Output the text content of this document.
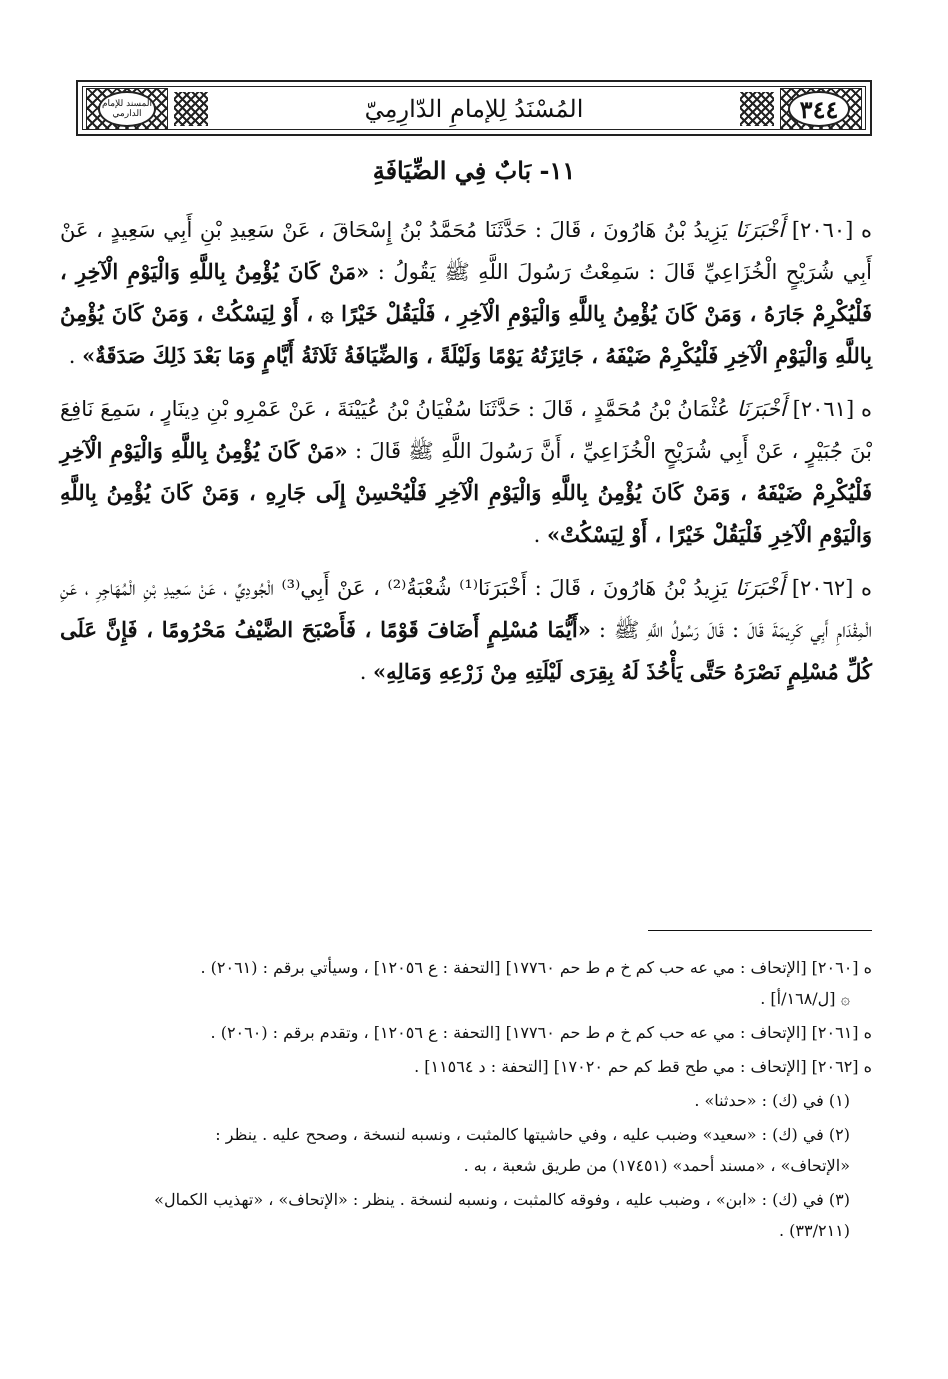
المسند للإمام الدارمي	٣٤٤
المُسْنَدُ لِلإمامِ الدّارِمِيّ
١١- بَابٌ فِي الضِّيَافَةِ

ه [٢٠٦٠] أَخْبَرَنَا يَزِيدُ بْنُ هَارُونَ ، قَالَ : حَدَّثَنَا مُحَمَّدُ بْنُ إِسْحَاقَ ، عَنْ سَعِيدِ بْنِ أَبِي سَعِيدٍ ، عَنْ أَبِي شُرَيْحٍ الْخُزَاعِيِّ قَالَ : سَمِعْتُ رَسُولَ اللَّهِ ﷺ يَقُولُ : «مَنْ كَانَ يُؤْمِنُ بِاللَّهِ وَالْيَوْمِ الْآخِرِ ، فَلْيُكْرِمْ جَارَهُ ، وَمَنْ كَانَ يُؤْمِنُ بِاللَّهِ وَالْيَوْمِ الْآخِرِ ، فَلْيَقُلْ خَيْرًا ۞ ، أَوْ لِيَسْكُتْ ، وَمَنْ كَانَ يُؤْمِنُ بِاللَّهِ وَالْيَوْمِ الْآخِرِ فَلْيُكْرِمْ ضَيْفَهُ ، جَائِزَتُهُ يَوْمًا وَلَيْلَةً ، وَالضِّيَافَةُ ثَلَاثَةُ أَيَّامٍ وَمَا بَعْدَ ذَلِكَ صَدَقَةٌ» .

ه [٢٠٦١] أَخْبَرَنَا عُثْمَانُ بْنُ مُحَمَّدٍ ، قَالَ : حَدَّثَنَا سُفْيَانُ بْنُ عُيَيْنَةَ ، عَنْ عَمْرِو بْنِ دِينَارٍ ، سَمِعَ نَافِعَ بْنَ جُبَيْرٍ ، عَنْ أَبِي شُرَيْحٍ الْخُزَاعِيِّ ، أَنَّ رَسُولَ اللَّهِ ﷺ قَالَ : «مَنْ كَانَ يُؤْمِنُ بِاللَّهِ وَالْيَوْمِ الْآخِرِ فَلْيُكْرِمْ ضَيْفَهُ ، وَمَنْ كَانَ يُؤْمِنُ بِاللَّهِ وَالْيَوْمِ الْآخِرِ فَلْيُحْسِنْ إِلَى جَارِهِ ، وَمَنْ كَانَ يُؤْمِنُ بِاللَّهِ وَالْيَوْمِ الْآخِرِ فَلْيَقُلْ خَيْرًا ، أَوْ لِيَسْكُتْ» .

ه [٢٠٦٢] أَخْبَرَنَا يَزِيدُ بْنُ هَارُونَ ، قَالَ : أَخْبَرَنَا⁽¹⁾ شُعْبَةُ⁽²⁾ ، عَنْ أَبِي⁽³⁾ الْجُودِيِّ ، عَنْ سَعِيدِ بْنِ الْمُهَاجِرِ ، عَنِ الْمِقْدَامِ أَبِي كَرِيمَةَ قَالَ : قَالَ رَسُولُ اللَّهِ ﷺ : «أَيُّمَا مُسْلِمٍ أَضَافَ قَوْمًا ، فَأَصْبَحَ الضَّيْفُ مَحْرُومًا ، فَإِنَّ عَلَى كُلِّ مُسْلِمٍ نَصْرَهُ حَتَّى يَأْخُذَ لَهُ بِقِرَى لَيْلَتِهِ مِنْ زَرْعِهِ وَمَالِهِ» .

ه [٢٠٦٠] [الإتحاف : مي عه حب كم خ م ط حم ١٧٧٦٠] [التحفة : ع ١٢٠٥٦] ، وسيأتي برقم : (٢٠٦١) .
۞ [ل/١٦٨/أ] .

ه [٢٠٦١] [الإتحاف : مي عه حب كم خ م ط حم ١٧٧٦٠] [التحفة : ع ١٢٠٥٦] ، وتقدم برقم : (٢٠٦٠) .

ه [٢٠٦٢] [الإتحاف : مي طح قط كم حم ١٧٠٢٠] [التحفة : د ١١٥٦٤] .

(١) في (ك) : «حدثنا» .

(٢) في (ك) : «سعيد» وضبب عليه ، وفي حاشيتها كالمثبت ، ونسبه لنسخة ، وصحح عليه . ينظر :
«الإتحاف» ، «مسند أحمد» (١٧٤٥١) من طريق شعبة ، به .

(٣) في (ك) : «ابن» ، وضبب عليه ، وفوقه كالمثبت ، ونسبه لنسخة . ينظر : «الإتحاف» ، «تهذيب الكمال»
(٣٣/٢١١) .
